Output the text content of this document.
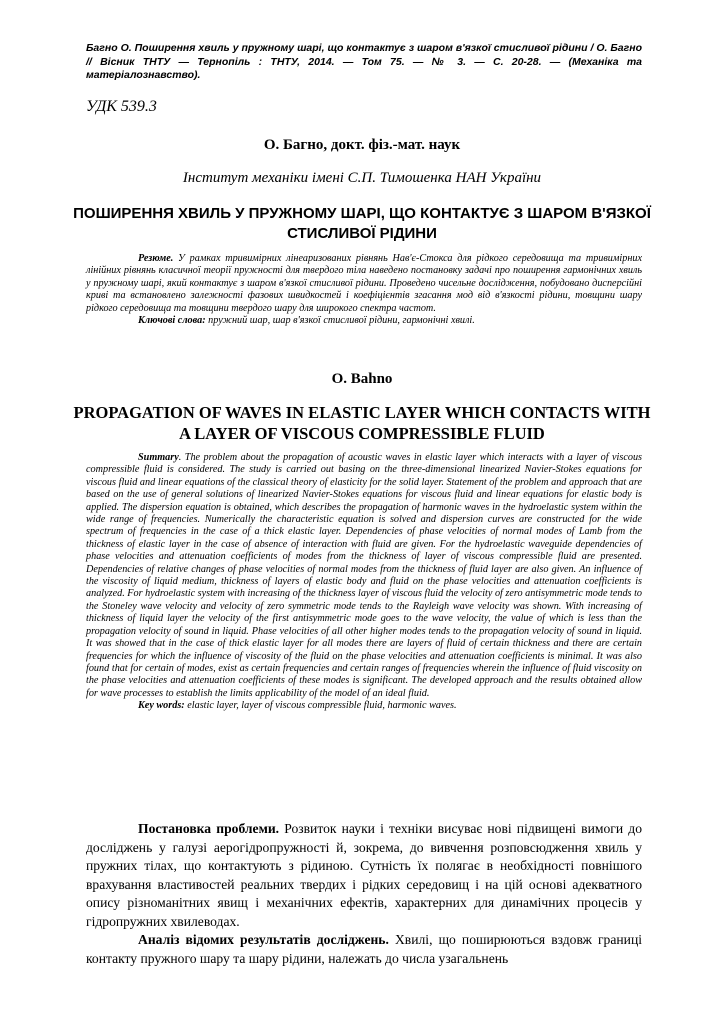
Багно О. Поширення хвиль у пружному шарі, що контактує з шаром в'язкої стисливої рідини / О. Багно // Вісник ТНТУ — Тернопіль : ТНТУ, 2014. — Том 75. — № 3. — С. 20-28. — (Механіка та матеріалознавство).
УДК 539.3
О. Багно, докт. фіз.-мат. наук
Інститут механіки імені С.П. Тимошенка НАН України
ПОШИРЕННЯ ХВИЛЬ У ПРУЖНОМУ ШАРІ, ЩО КОНТАКТУЄ З ШАРОМ В'ЯЗКОЇ СТИСЛИВОЇ РІДИНИ

Резюме. У рамках тривимірних лінеаризованих рівнянь Нав'є-Стокса для рідкого середовища та тривимірних лінійних рівнянь класичної теорії пружності для твердого тіла наведено постановку задачі про поширення гармонічних хвиль у пружному шарі, який контактує з шаром в'язкої стисливої рідини. Проведено чисельне дослідження, побудовано дисперсійні криві та встановлено залежності фазових швидкостей і коефіцієнтів згасання мод від в'язкості рідини, товщини шару рідкого середовища та товщини твердого шару для широкого спектра частот.

Ключові слова: пружний шар, шар в'язкої стисливої рідини, гармонічні хвилі.

O. Bahno
PROPAGATION OF WAVES IN ELASTIC LAYER WHICH CONTACTS WITH A LAYER OF VISCOUS COMPRESSIBLE FLUID

Summary. The problem about the propagation of acoustic waves in elastic layer which interacts with a layer of viscous compressible fluid is considered. The study is carried out basing on the three-dimensional linearized Navier-Stokes equations for viscous fluid and linear equations of the classical theory of elasticity for the solid layer. Statement of the problem and approach that are based on the use of general solutions of linearized Navier-Stokes equations for viscous fluid and linear equations for elastic body is applied. The dispersion equation is obtained, which describes the propagation of harmonic waves in the hydroelastic system within the wide range of frequencies. Numerically the characteristic equation is solved and dispersion curves are constructed for the wide spectrum of frequencies in the case of a thick elastic layer. Dependencies of phase velocities of normal modes of Lamb from the thickness of elastic layer in the case of absence of interaction with fluid are given. For the hydroelastic waveguide dependencies of phase velocities and attenuation coefficients of modes from the thickness of layer of viscous compressible fluid are presented. Dependencies of relative changes of phase velocities of normal modes from the thickness of fluid layer are also given. An influence of the viscosity of liquid medium, thickness of layers of elastic body and fluid on the phase velocities and attenuation coefficients is analyzed. For hydroelastic system with increasing of the thickness layer of viscous fluid the velocity of zero antisymmetric mode tends to the Stoneley wave velocity and velocity of zero symmetric mode tends to the Rayleigh wave velocity was shown. With increasing of thickness of liquid layer the velocity of the first antisymmetric mode goes to the wave velocity, the value of which is less than the propagation velocity of sound in liquid. Phase velocities of all other higher modes tends to the propagation velocity of sound in liquid. It was showed that in the case of thick elastic layer for all modes there are layers of fluid of certain thickness and there are certain frequencies for which the influence of viscosity of the fluid on the phase velocities and attenuation coefficients is minimal. It was also found that for certain of modes, exist as certain frequencies and certain ranges of frequencies wherein the influence of fluid viscosity on the phase velocities and attenuation coefficients of these modes is significant. The developed approach and the results obtained allow for wave processes to establish the limits applicability of the model of an ideal fluid.

Key words: elastic layer, layer of viscous compressible fluid, harmonic waves.

Постановка проблеми. Розвиток науки і техніки висуває нові підвищені вимоги до досліджень у галузі аерогідропружності й, зокрема, до вивчення розповсюдження хвиль у пружних тілах, що контактують з рідиною. Сутність їх полягає в необхідності повнішого врахування властивостей реальних твердих і рідких середовищ і на цій основі адекватного опису різноманітних явищ і механічних ефектів, характерних для динамічних процесів у гідропружних хвилеводах.

Аналіз відомих результатів досліджень. Хвилі, що поширюються вздовж границі контакту пружного шару та шару рідини, належать до числа узагальнень
